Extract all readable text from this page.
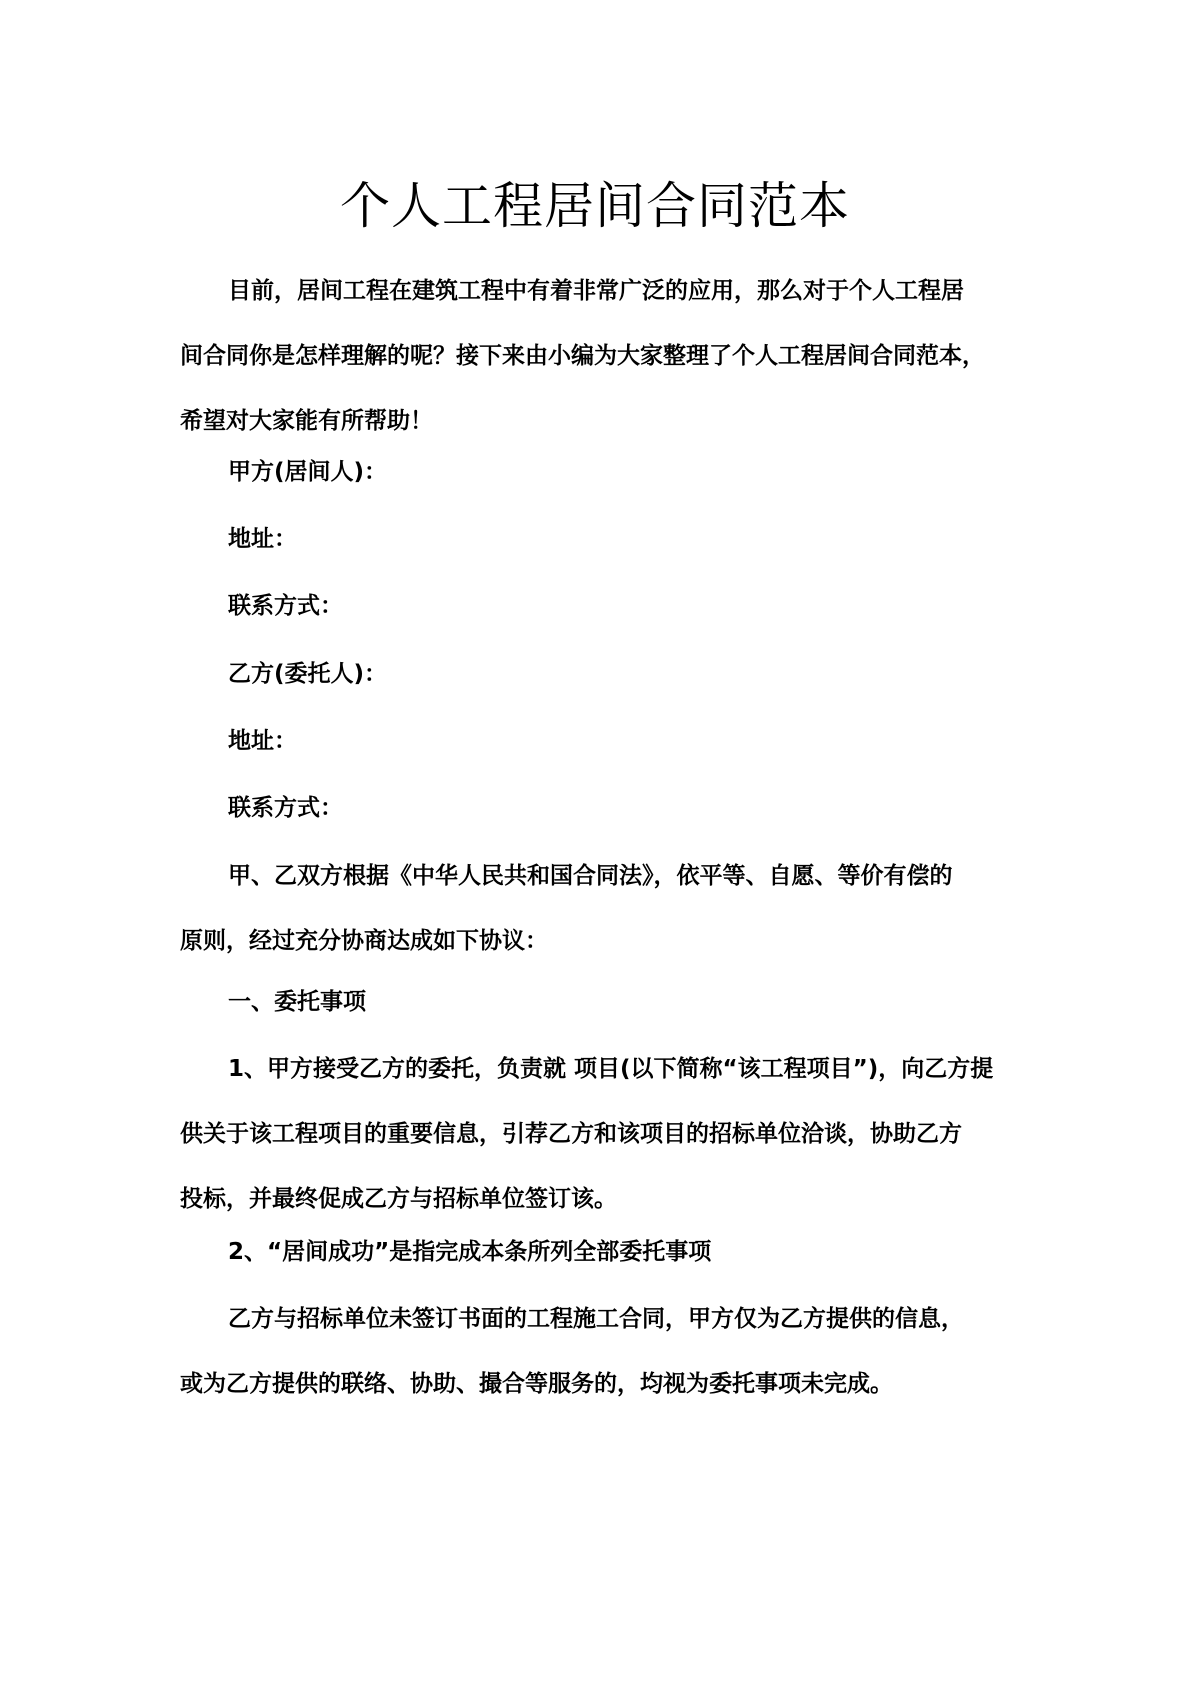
个人工程居间合同范本
目前，居间工程在建筑工程中有着非常广泛的应用，那么对于个人工程居
间合同你是怎样理解的呢？接下来由小编为大家整理了个人工程居间合同范本，
希望对大家能有所帮助！

甲方(居间人)：

地址：

联系方式：

乙方(委托人)：

地址：

联系方式：

甲、乙双方根据《中华人民共和国合同法》，依平等、自愿、等价有偿的
原则，经过充分协商达成如下协议：

一、委托事项

1、甲方接受乙方的委托，负责就 项目(以下简称“该工程项目”)，向乙方提
供关于该工程项目的重要信息，引荐乙方和该项目的招标单位洽谈，协助乙方
投标，并最终促成乙方与招标单位签订该。

2、“居间成功”是指完成本条所列全部委托事项

乙方与招标单位未签订书面的工程施工合同，甲方仅为乙方提供的信息，
或为乙方提供的联络、协助、撮合等服务的，均视为委托事项未完成。
